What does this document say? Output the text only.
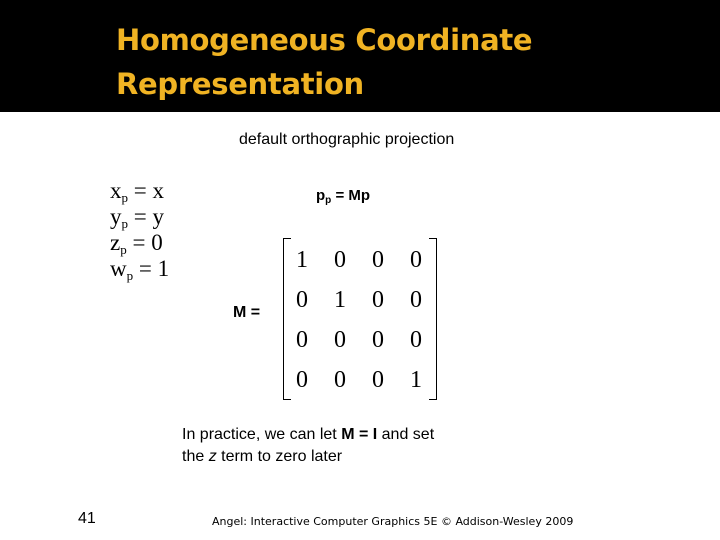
Homogeneous Coordinate
Representation
default orthographic projection
$x_p = x$
$y_p = y$
$z_p = 0$
$w_p = 1$
$p_p = Mp$
M =
1 0 0 0
0 1 0 0
0 0 0 0
0 0 0 1
In practice, we can let M = I and set
the z term to zero later
41	Angel: Interactive Computer Graphics 5E © Addison-Wesley 2009
